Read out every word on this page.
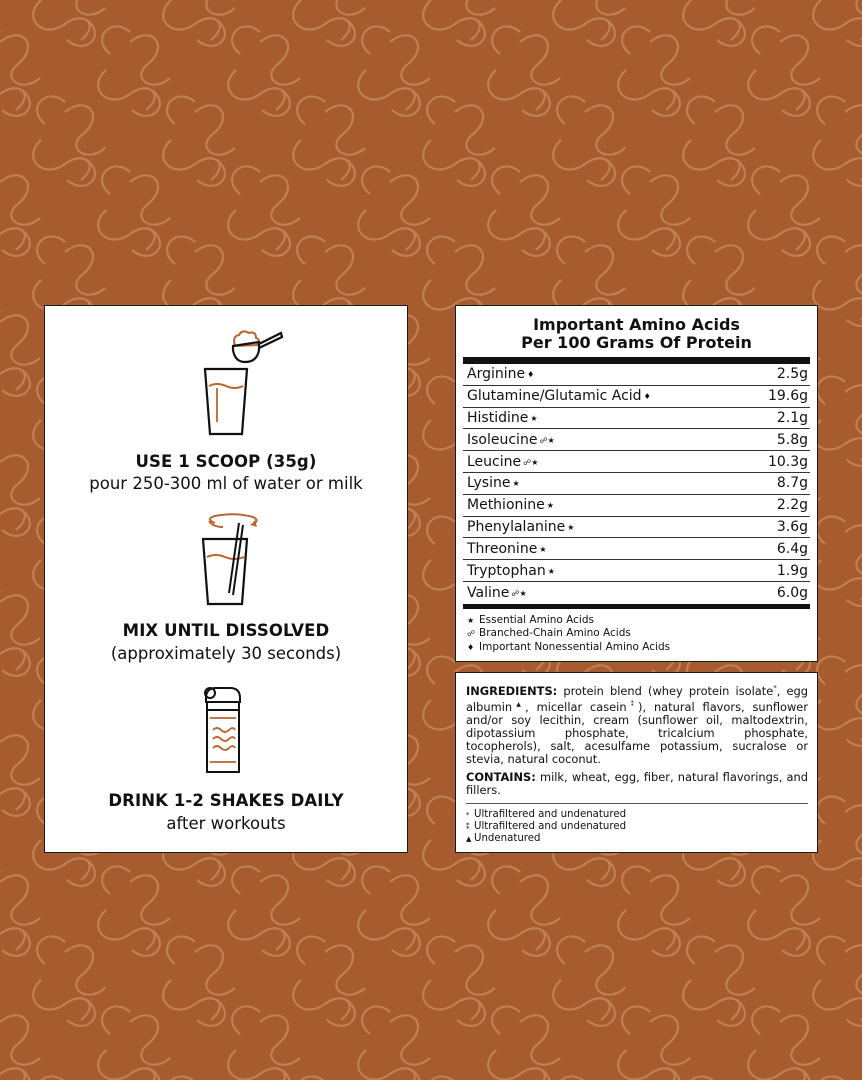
USE 1 SCOOP (35g)
pour 250-300 ml of water or milk
MIX UNTIL DISSOLVED
(approximately 30 seconds)
DRINK 1-2 SHAKES DAILY
after workouts
Important Amino Acids
Per 100 Grams Of Protein
Arginine ♦	2.5g
Glutamine/Glutamic Acid ♦	19.6g
Histidine ★	2.1g
Isoleucine ☍★	5.8g
Leucine ☍★	10.3g
Lysine ★	8.7g
Methionine ★	2.2g
Phenylalanine ★	3.6g
Threonine ★	6.4g
Tryptophan ★	1.9g
Valine ☍★	6.0g
★ Essential Amino Acids
☍ Branched-Chain Amino Acids
♦ Important Nonessential Amino Acids
INGREDIENTS: protein blend (whey protein isolate*, egg albumin▲, micellar casein⁑), natural flavors, sunflower and/or soy lecithin, cream (sunflower oil, maltodextrin, dipotassium phosphate, tricalcium phosphate, tocopherols), salt, acesulfame potassium, sucralose or stevia, natural coconut.
CONTAINS: milk, wheat, egg, fiber, natural flavorings, and fillers.
* Ultrafiltered and undenatured
⁑ Ultrafiltered and undenatured
▲ Undenatured
